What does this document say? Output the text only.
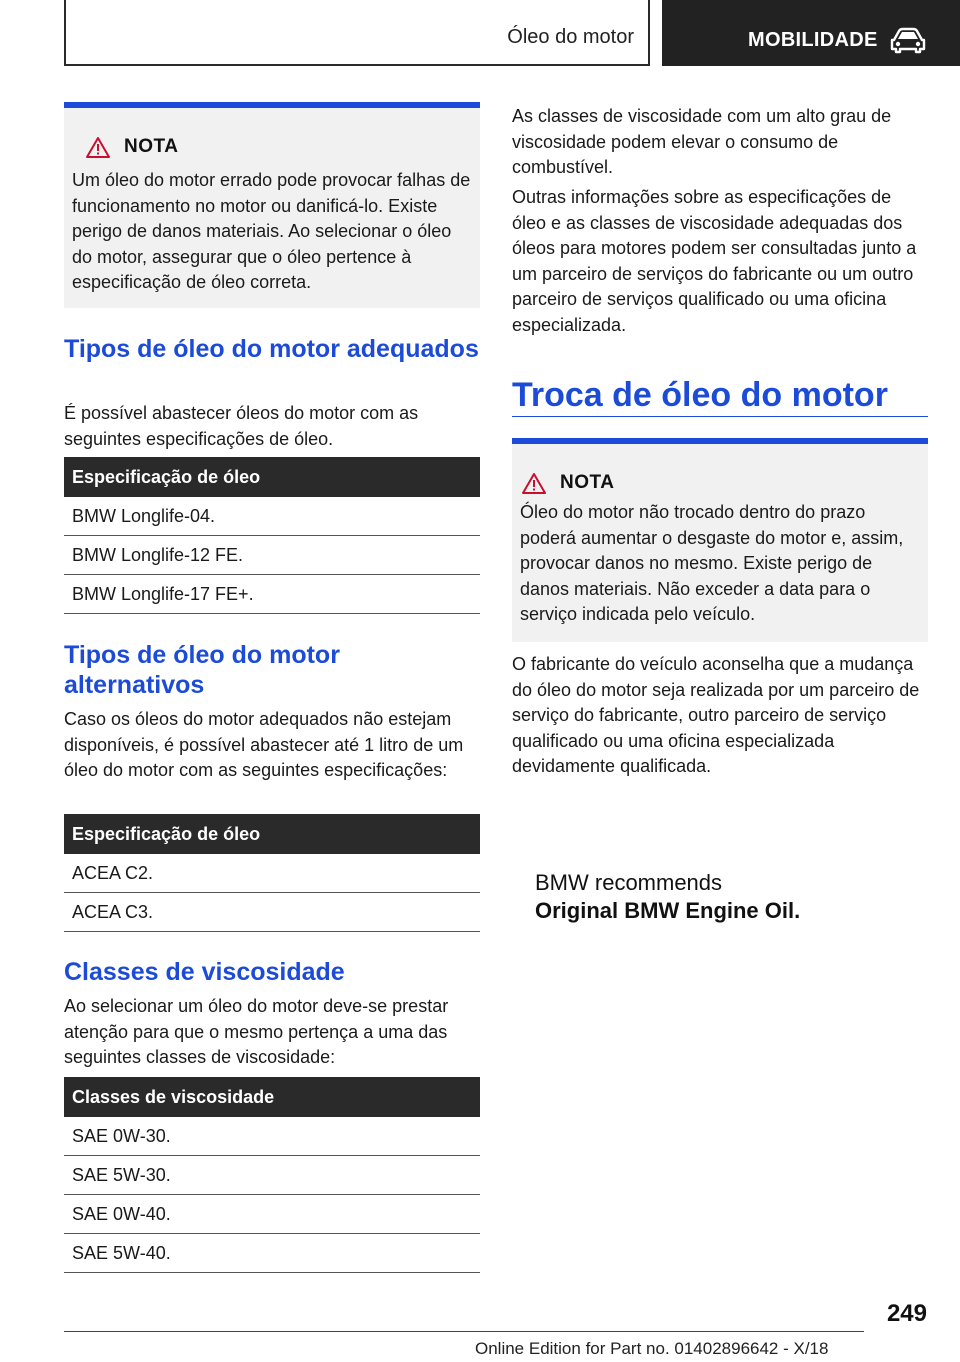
Óleo do motor	MOBILIDADE
NOTA

Um óleo do motor errado pode provocar falhas de funcionamento no motor ou danificá-lo. Existe perigo de danos materiais. Ao selecionar o óleo do motor, assegurar que o óleo pertence à especificação de óleo correta.

Tipos de óleo do motor adequados

É possível abastecer óleos do motor com as seguintes especificações de óleo.

Especificação de óleo
BMW Longlife-04.
BMW Longlife-12 FE.
BMW Longlife-17 FE+.
Tipos de óleo do motor alternativos

Caso os óleos do motor adequados não estejam disponíveis, é possível abastecer até 1 litro de um óleo do motor com as seguintes especificações:

Especificação de óleo
ACEA C2.
ACEA C3.
Classes de viscosidade

Ao selecionar um óleo do motor deve-se prestar atenção para que o mesmo pertença a uma das seguintes classes de viscosidade:

Classes de viscosidade
SAE 0W-30.
SAE 5W-30.
SAE 0W-40.
SAE 5W-40.

As classes de viscosidade com um alto grau de viscosidade podem elevar o consumo de combustível.

Outras informações sobre as especificações de óleo e as classes de viscosidade adequadas dos óleos para motores podem ser consultadas junto a um parceiro de serviços do fabricante ou um outro parceiro de serviços qualificado ou uma oficina especializada.

Troca de óleo do motor
NOTA

Óleo do motor não trocado dentro do prazo poderá aumentar o desgaste do motor e, assim, provocar danos no mesmo. Existe perigo de danos materiais. Não exceder a data para o serviço indicada pelo veículo.

O fabricante do veículo aconselha que a mudança do óleo do motor seja realizada por um parceiro de serviço do fabricante, outro parceiro de serviço qualificado ou uma oficina especializada devidamente qualificada.

BMW recommends
Original BMW Engine Oil.
249
Online Edition for Part no. 01402896642 - X/18
